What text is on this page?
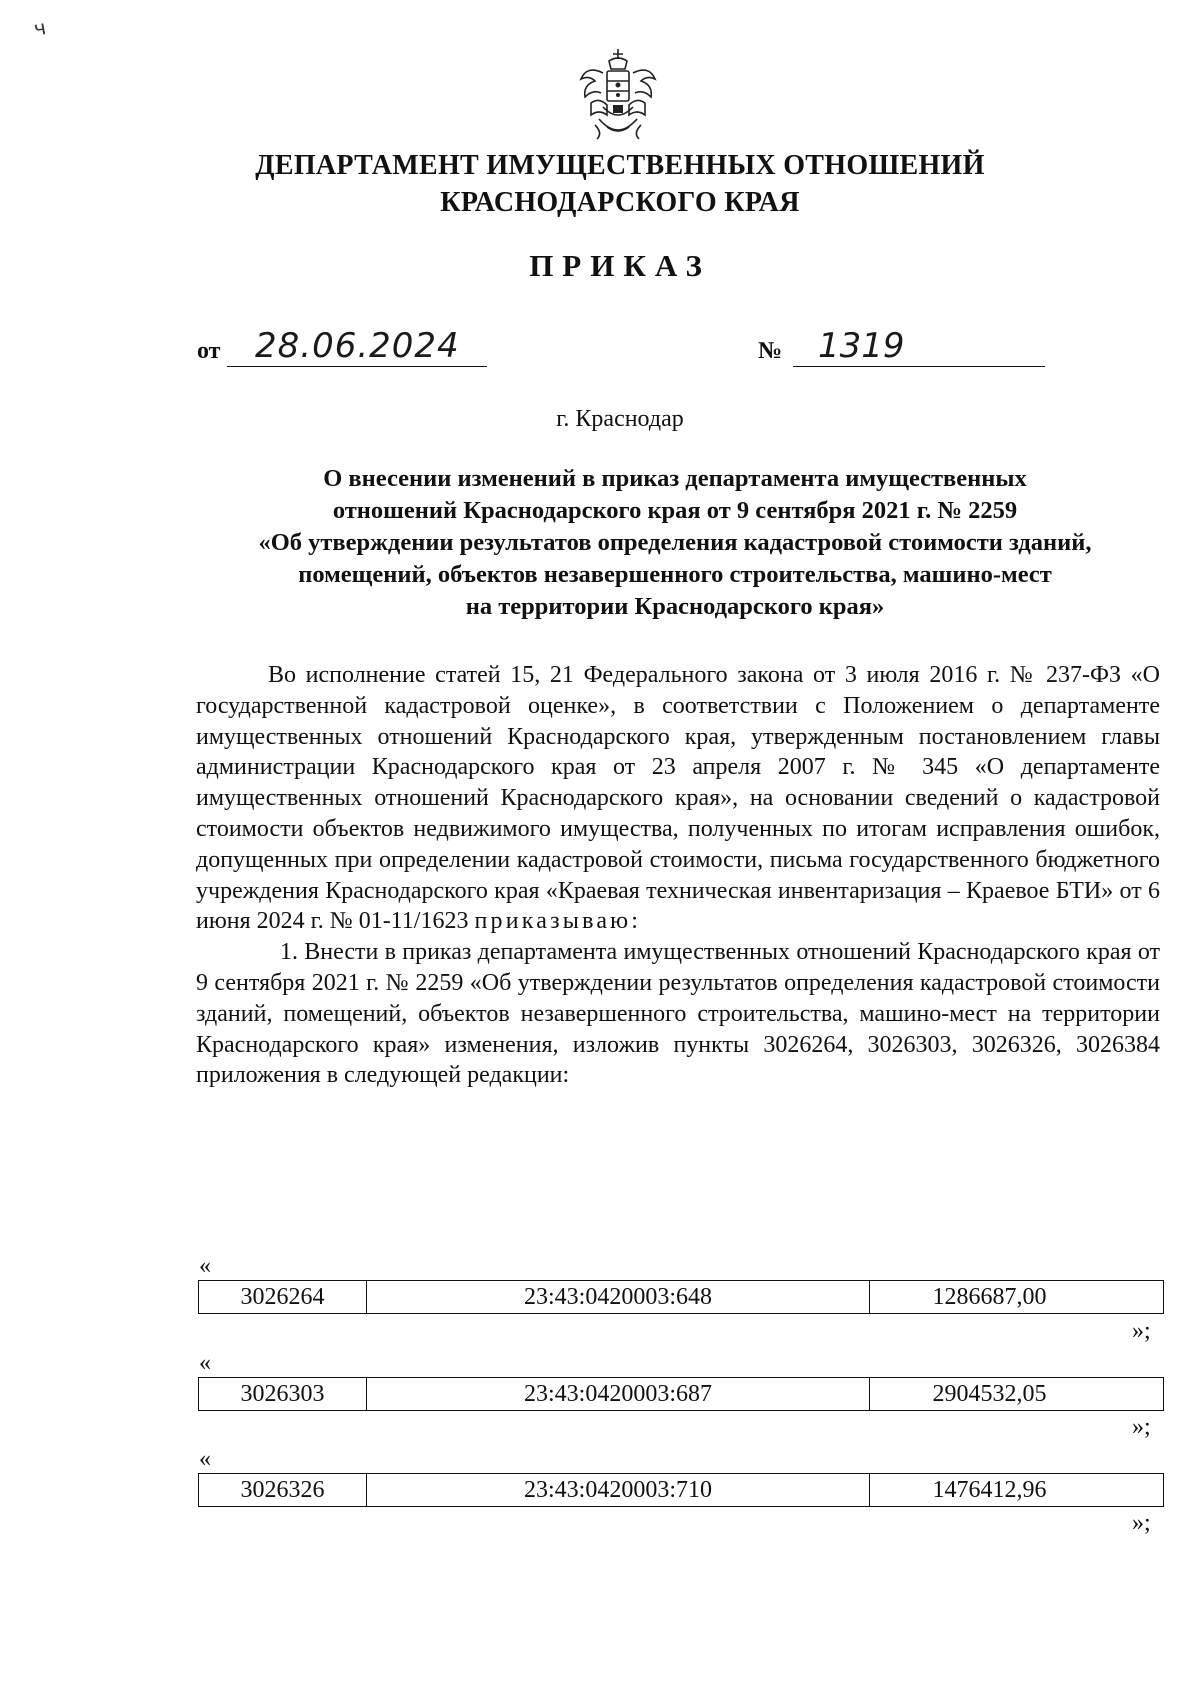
ч
ДЕПАРТАМЕНТ ИМУЩЕСТВЕННЫХ ОТНОШЕНИЙ
КРАСНОДАРСКОГО КРАЯ
ПРИКАЗ
от 28.06.2024	№ 1319
г. Краснодар
О внесении изменений в приказ департамента имущественных
отношений Краснодарского края от 9 сентября 2021 г. № 2259
«Об утверждении результатов определения кадастровой стоимости зданий,
помещений, объектов незавершенного строительства, машино-мест
на территории Краснодарского края»

Во исполнение статей 15, 21 Федерального закона от 3 июля 2016 г. № 237-ФЗ «О государственной кадастровой оценке», в соответствии с Положением о департаменте имущественных отношений Краснодарского края, утвержденным постановлением главы администрации Краснодарского края от 23 апреля 2007 г. № 345 «О департаменте имущественных отношений Краснодарского края», на основании сведений о кадастровой стоимости объектов недвижимого имущества, полученных по итогам исправления ошибок, допущенных при определении кадастровой стоимости, письма государственного бюджетного учреждения Краснодарского края «Краевая техническая инвентаризация – Краевое БТИ» от 6 июня 2024 г. № 01-11/1623 приказываю:

1. Внести в приказ департамента имущественных отношений Краснодарского края от 9 сентября 2021 г. № 2259 «Об утверждении результатов определения кадастровой стоимости зданий, помещений, объектов незавершенного строительства, машино-мест на территории Краснодарского края» изменения, изложив пункты 3026264, 3026303, 3026326, 3026384 приложения в следующей редакции:

«
3026264	23:43:0420003:648	1286687,00
»;
«
3026303	23:43:0420003:687	2904532,05
»;
«
3026326	23:43:0420003:710	1476412,96
»;
